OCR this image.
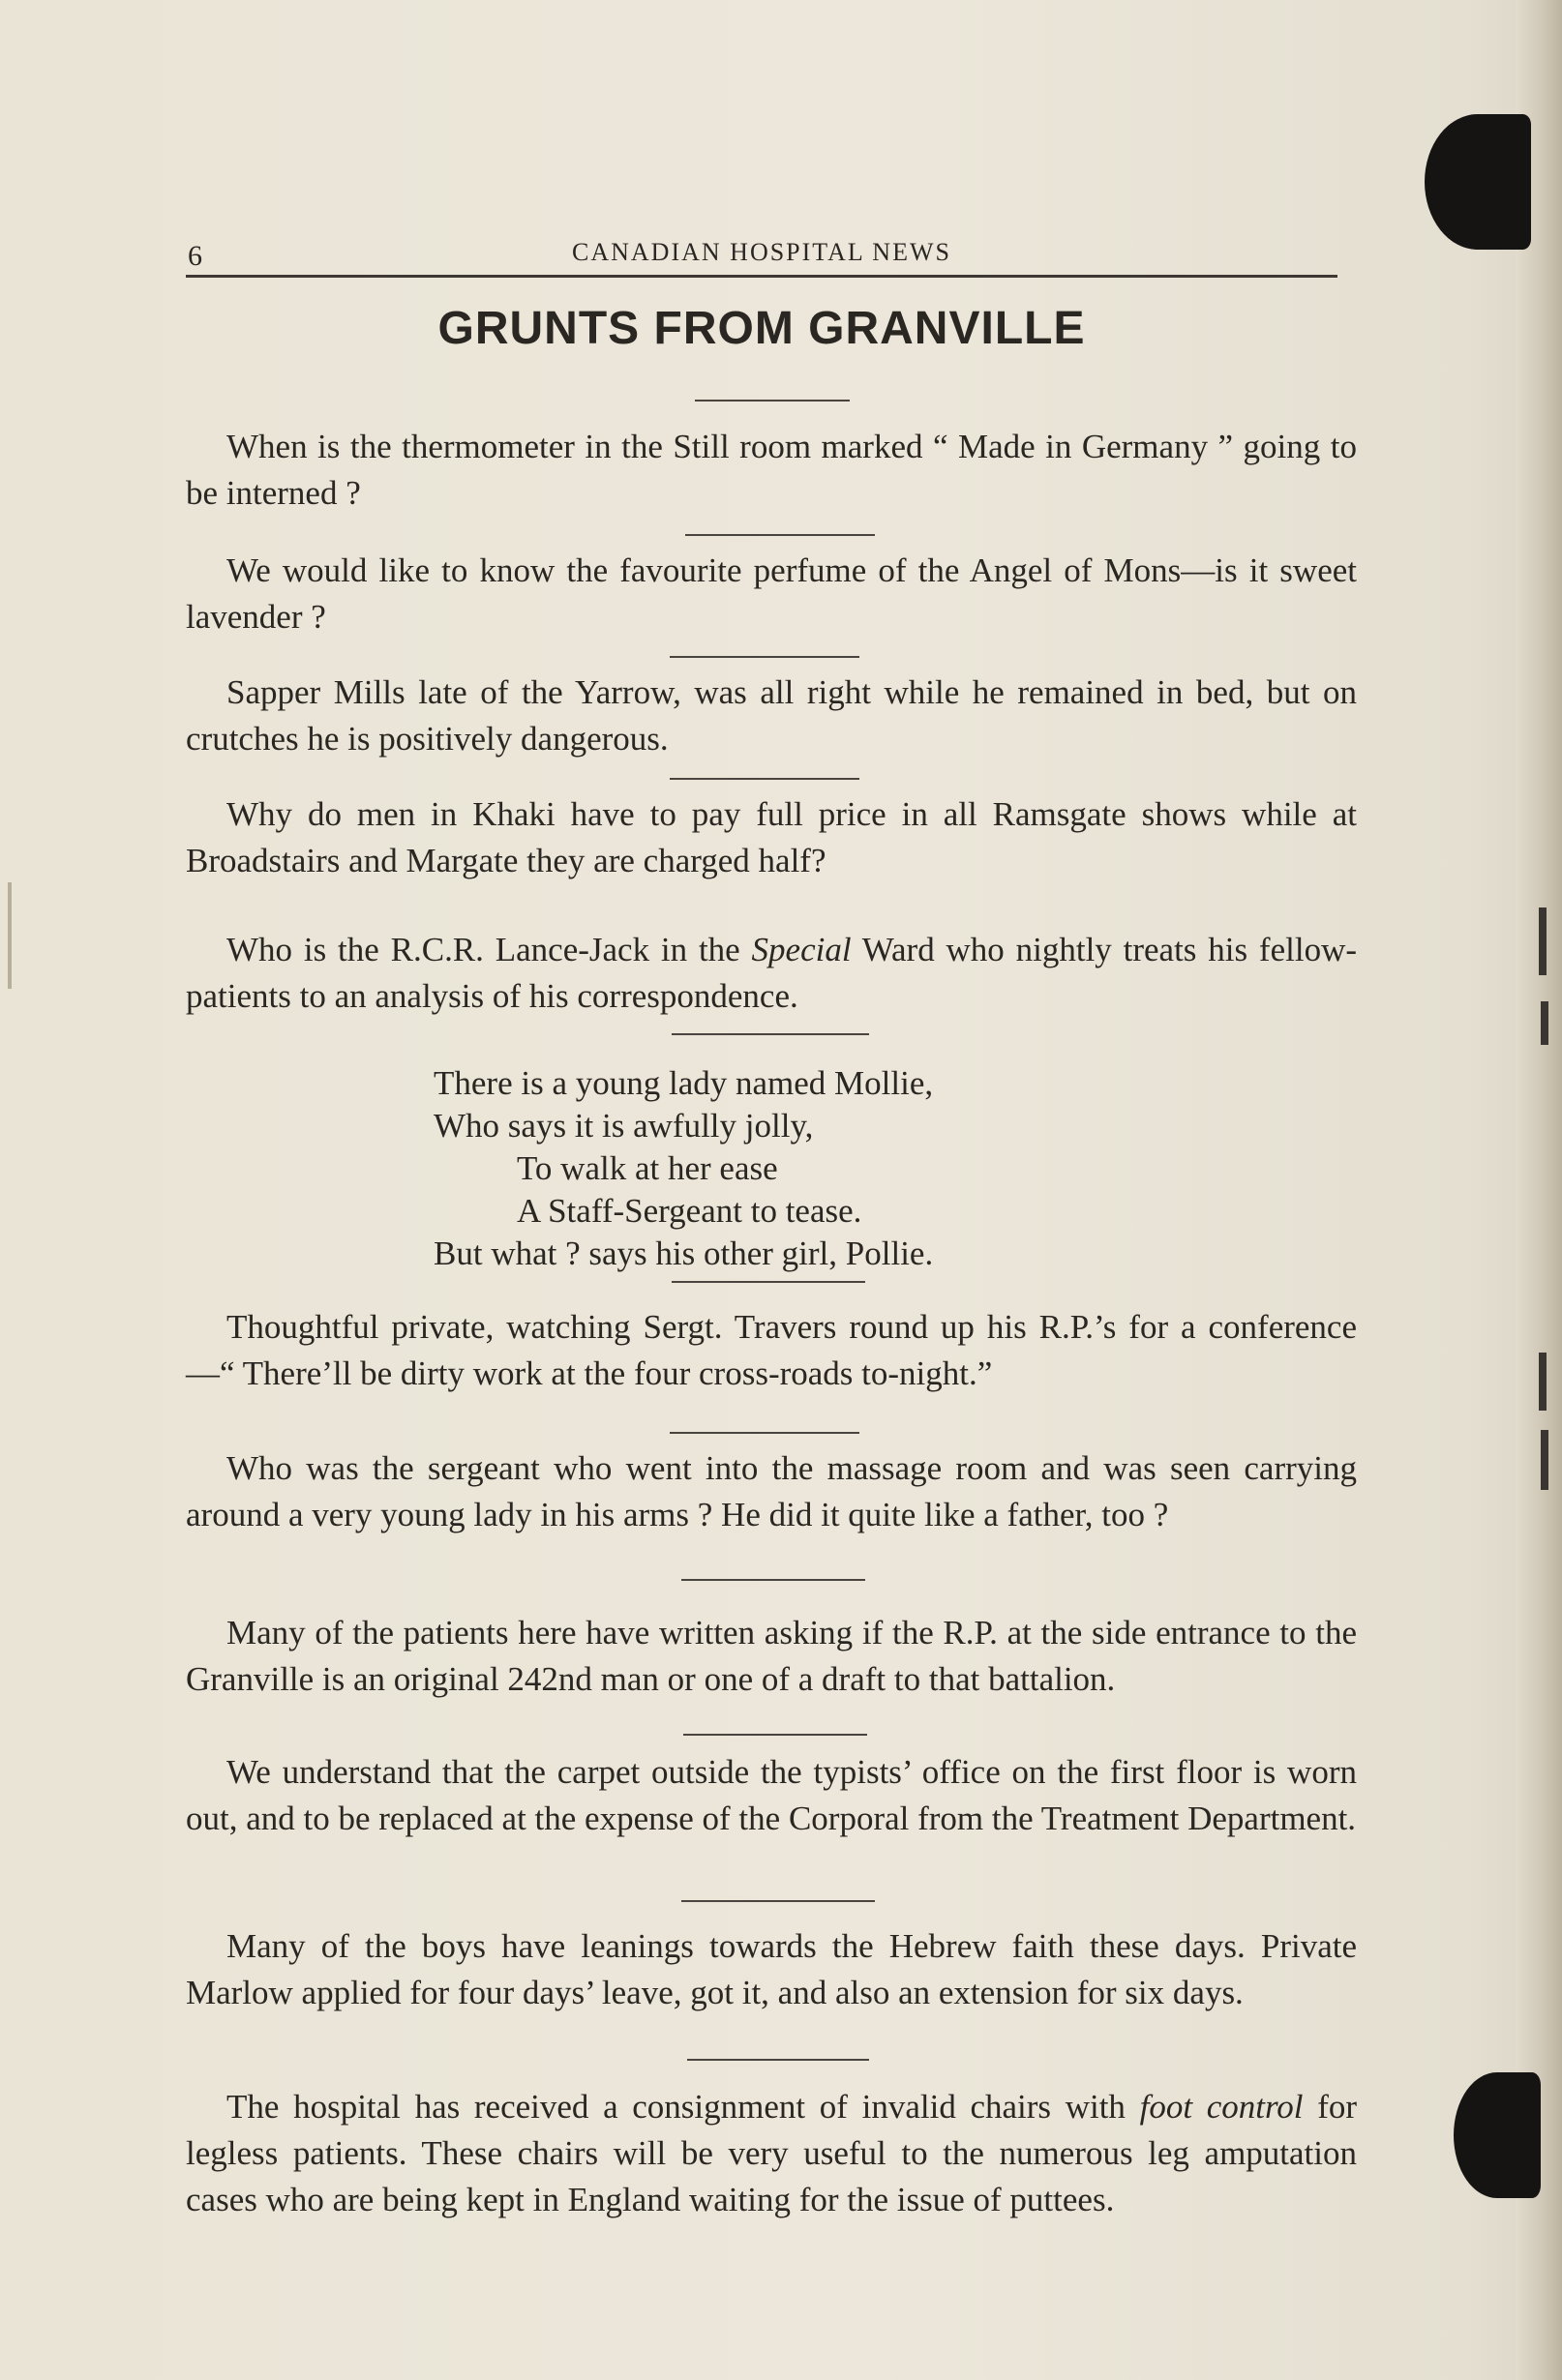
6	CANADIAN HOSPITAL NEWS
GRUNTS FROM GRANVILLE

When is the thermometer in the Still room marked “ Made in Germany ” going to be interned ?

We would like to know the favourite perfume of the Angel of Mons—is it sweet lavender ?

Sapper Mills late of the Yarrow, was all right while he remained in bed, but on crutches he is positively dangerous.

Why do men in Khaki have to pay full price in all Ramsgate shows while at Broadstairs and Margate they are charged half?

Who is the R.C.R. Lance-Jack in the Special Ward who nightly treats his fellow-patients to an analysis of his correspondence.

There is a young lady named Mollie,
Who says it is awfully jolly,
To walk at her ease
A Staff-Sergeant to tease.
But what ? says his other girl, Pollie.

Thoughtful private, watching Sergt. Travers round up his R.P.’s for a conference—“ There’ll be dirty work at the four cross-roads to-night.”

Who was the sergeant who went into the massage room and was seen carrying around a very young lady in his arms ? He did it quite like a father, too ?

Many of the patients here have written asking if the R.P. at the side entrance to the Granville is an original 242nd man or one of a draft to that battalion.

We understand that the carpet outside the typists’ office on the first floor is worn out, and to be replaced at the expense of the Corporal from the Treatment Department.

Many of the boys have leanings towards the Hebrew faith these days. Private Marlow applied for four days’ leave, got it, and also an extension for six days.

The hospital has received a consignment of invalid chairs with foot control for legless patients. These chairs will be very useful to the numerous leg amputation cases who are being kept in England waiting for the issue of puttees.
